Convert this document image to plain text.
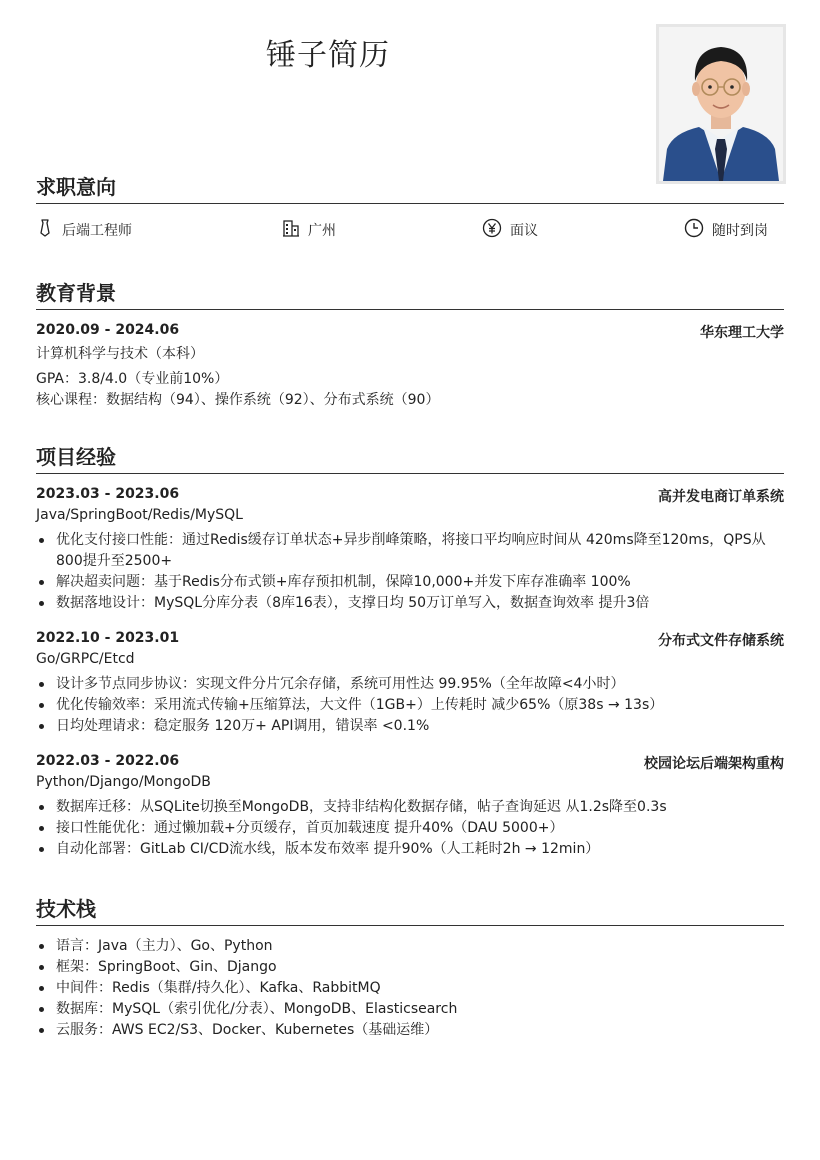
锤子简历
求职意向
后端工程师	广州	面议	随时到岗
教育背景
2020.09 - 2024.06	华东理工大学
计算机科学与技术（本科）
GPA：3.8/4.0（专业前10%）
核心课程：数据结构（94）、操作系统（92）、分布式系统（90）
项目经验
2023.03 - 2023.06	高并发电商订单系统
Java/SpringBoot/Redis/MySQL
优化支付接口性能：通过Redis缓存订单状态+异步削峰策略，将接口平均响应时间从 420ms降至120ms，QPS从 800提升至2500+
解决超卖问题：基于Redis分布式锁+库存预扣机制，保障10,000+并发下库存准确率 100%
数据落地设计：MySQL分库分表（8库16表），支撑日均 50万订单写入，数据查询效率 提升3倍
2022.10 - 2023.01	分布式文件存储系统
Go/GRPC/Etcd
设计多节点同步协议：实现文件分片冗余存储，系统可用性达 99.95%（全年故障<4小时）
优化传输效率：采用流式传输+压缩算法，大文件（1GB+）上传耗时 减少65%（原38s → 13s）
日均处理请求：稳定服务 120万+ API调用，错误率 <0.1%
2022.03 - 2022.06	校园论坛后端架构重构
Python/Django/MongoDB
数据库迁移：从SQLite切换至MongoDB，支持非结构化数据存储，帖子查询延迟 从1.2s降至0.3s
接口性能优化：通过懒加载+分页缓存，首页加载速度 提升40%（DAU 5000+）
自动化部署：GitLab CI/CD流水线，版本发布效率 提升90%（人工耗时2h → 12min）
技术栈
语言：Java（主力）、Go、Python
框架：SpringBoot、Gin、Django
中间件：Redis（集群/持久化）、Kafka、RabbitMQ
数据库：MySQL（索引优化/分表）、MongoDB、Elasticsearch
云服务：AWS EC2/S3、Docker、Kubernetes（基础运维）
